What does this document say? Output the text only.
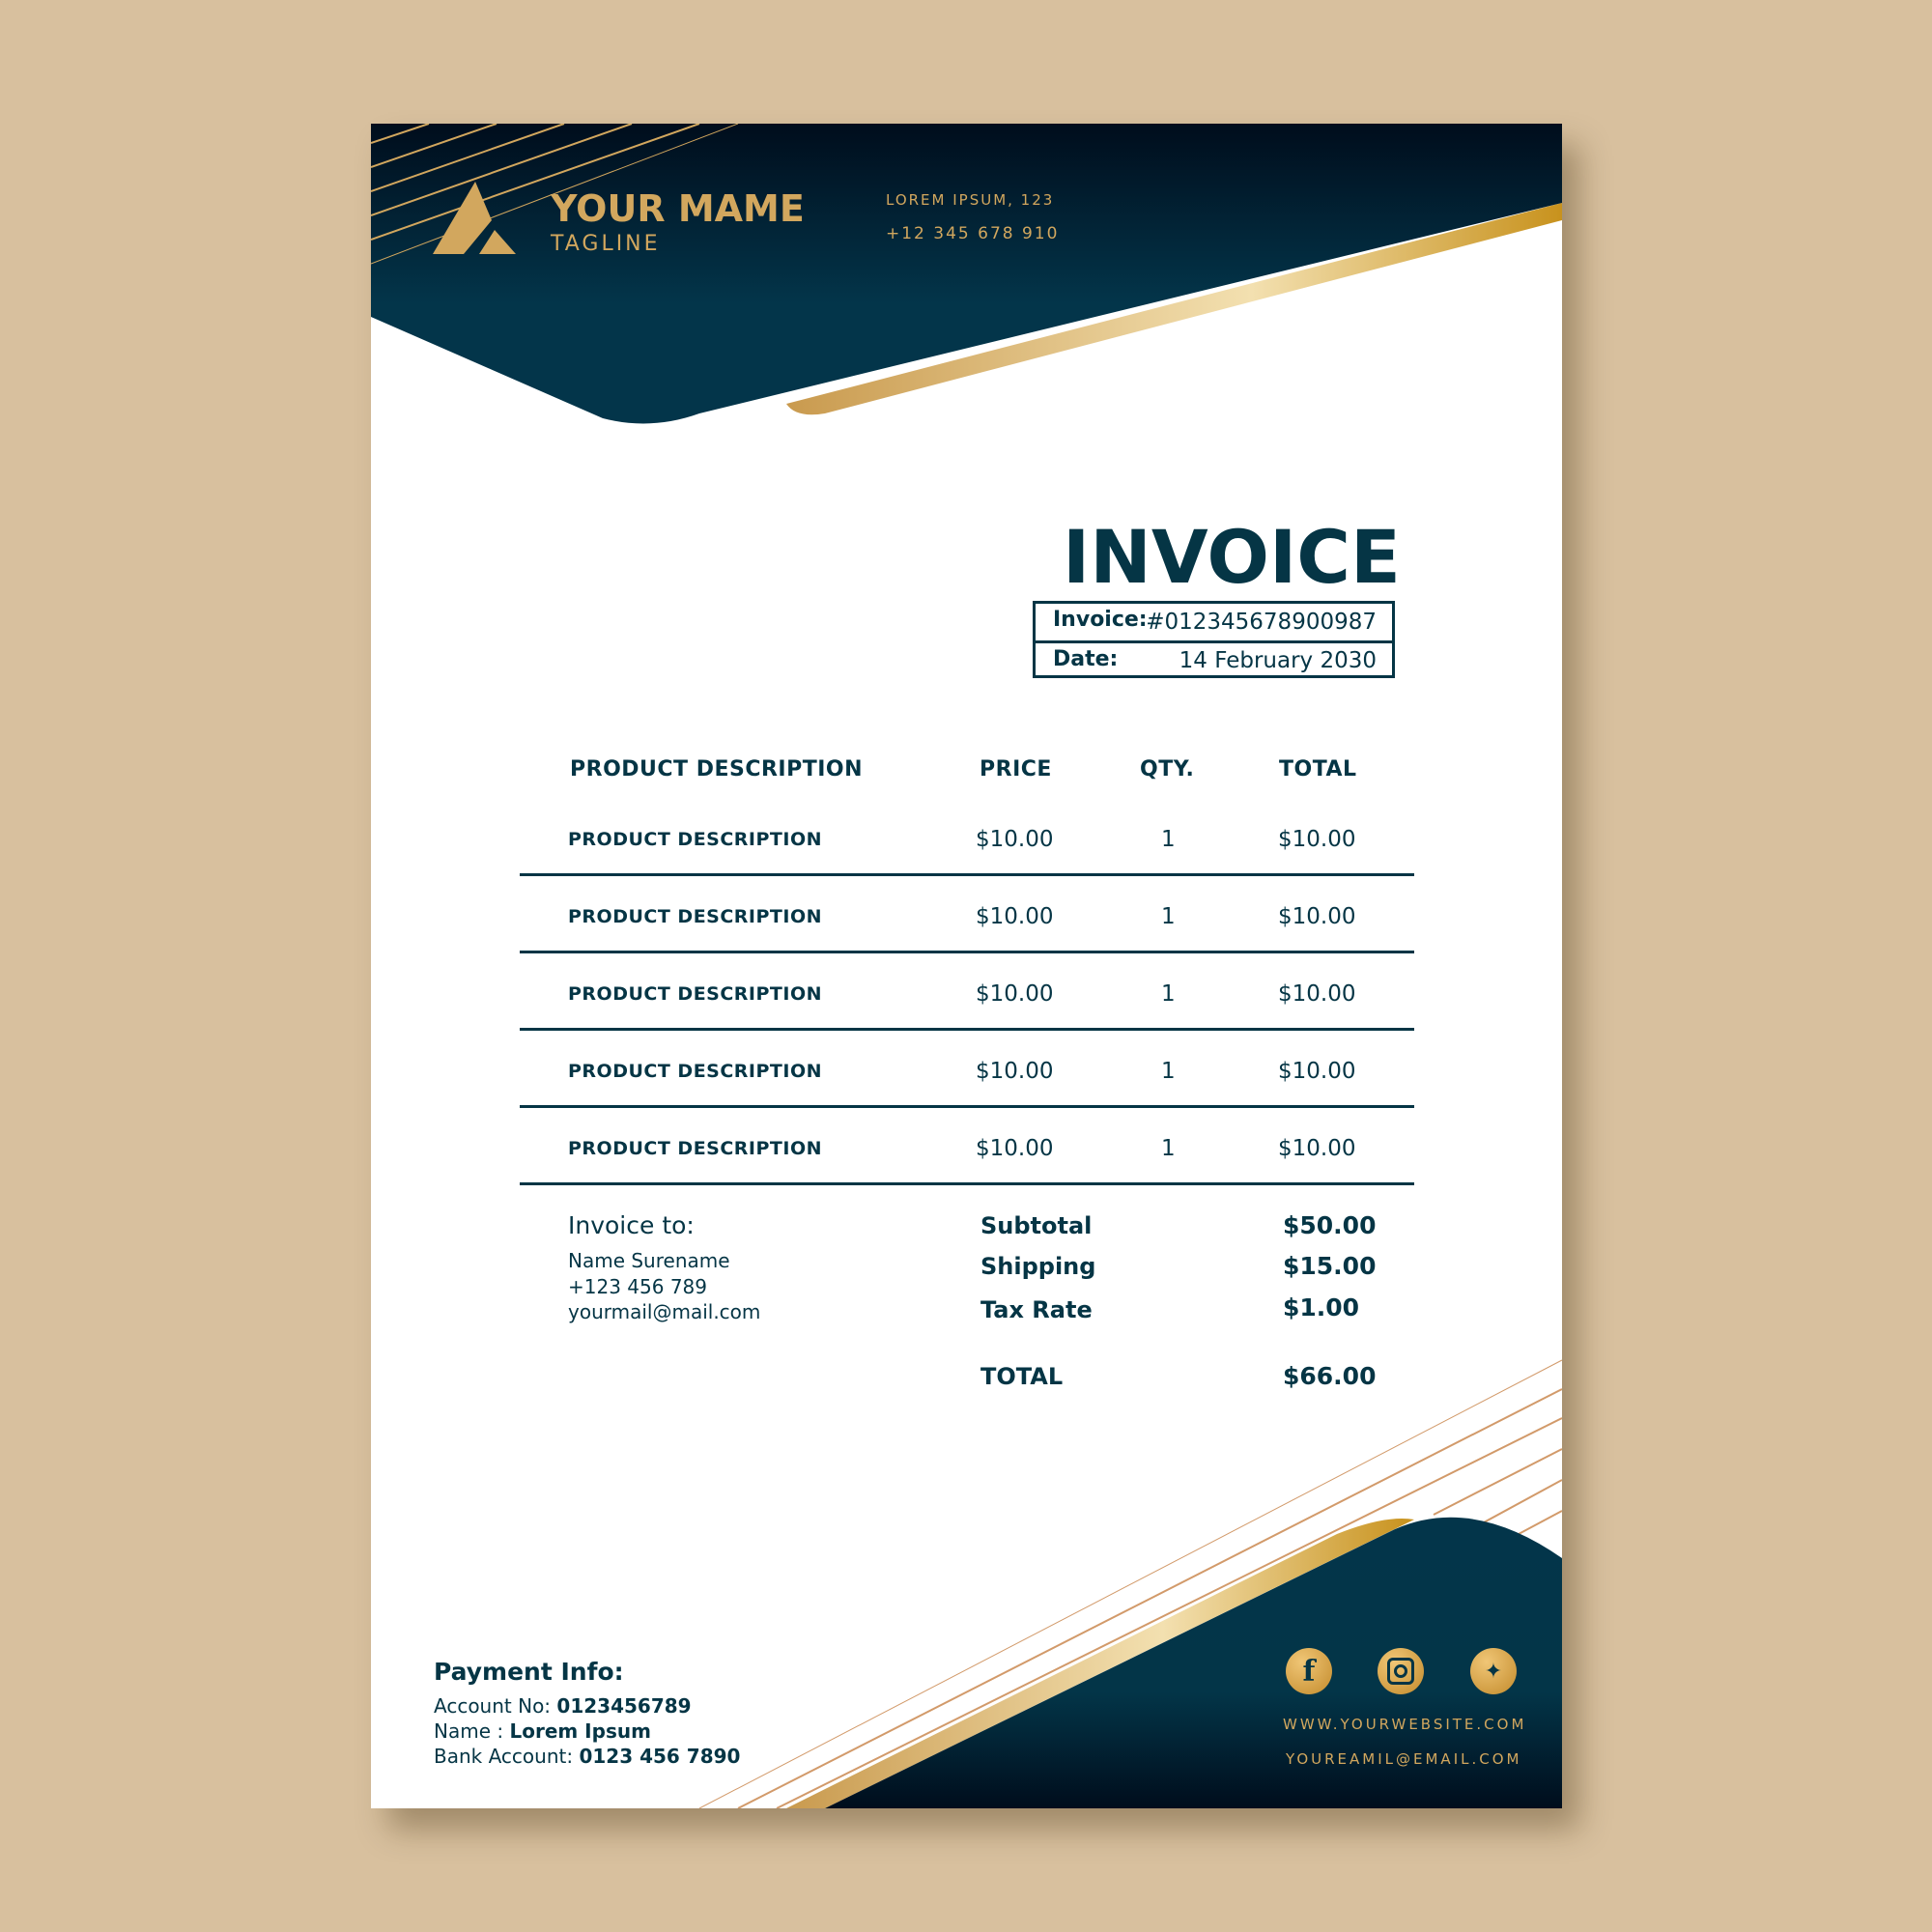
YOUR MAME
TAGLINE
LOREM IPSUM, 123
+12 345 678 910
INVOICE
Invoice:
#012345678900987
Date:	14 February 2030
PRODUCT DESCRIPTION	PRICE	QTY.	TOTAL
PRODUCT DESCRIPTION	$10.00	1	$10.00
PRODUCT DESCRIPTION	$10.00	1	$10.00
PRODUCT DESCRIPTION	$10.00	1	$10.00
PRODUCT DESCRIPTION	$10.00	1	$10.00
PRODUCT DESCRIPTION	$10.00	1	$10.00
Invoice to:
Name Surename
+123 456 789
yourmail@mail.com
Subtotal	$50.00
Shipping	$15.00
Tax Rate	$1.00
TOTAL	$66.00
Payment Info:
Account No: 0123456789
Name : Lorem Ipsum
Bank Account: 0123 456 7890
f	✦
WWW.YOURWEBSITE.COM
YOUREAMIL@EMAIL.COM
